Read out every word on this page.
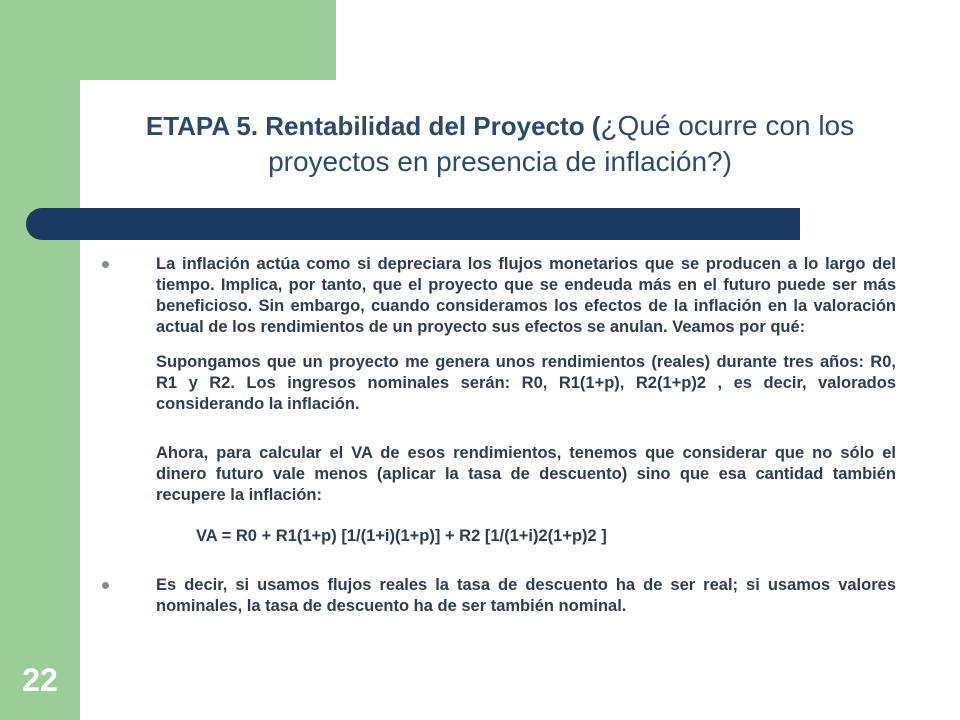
22
ETAPA 5. Rentabilidad del Proyecto (¿Qué ocurre con los proyectos en presencia de inflación?)
La inflación actúa como si depreciara los flujos monetarios que se producen a lo largo del tiempo. Implica, por tanto, que el proyecto que se endeuda más en el futuro puede ser más beneficioso. Sin embargo, cuando consideramos los efectos de la inflación en la valoración actual de los rendimientos de un proyecto sus efectos se anulan. Veamos por qué:
Supongamos que un proyecto me genera unos rendimientos (reales) durante tres años: R0, R1 y R2. Los ingresos nominales serán: R0, R1(1+p), R2(1+p)2 , es decir, valorados considerando la inflación.
Ahora, para calcular el VA de esos rendimientos, tenemos que considerar que no sólo el dinero futuro vale menos (aplicar la tasa de descuento) sino que esa cantidad también recupere la inflación:
VA = R0 + R1(1+p) [1/(1+i)(1+p)] + R2 [1/(1+i)2(1+p)2 ]
Es decir, si usamos flujos reales la tasa de descuento ha de ser real; si usamos valores nominales, la tasa de descuento ha de ser también nominal.
